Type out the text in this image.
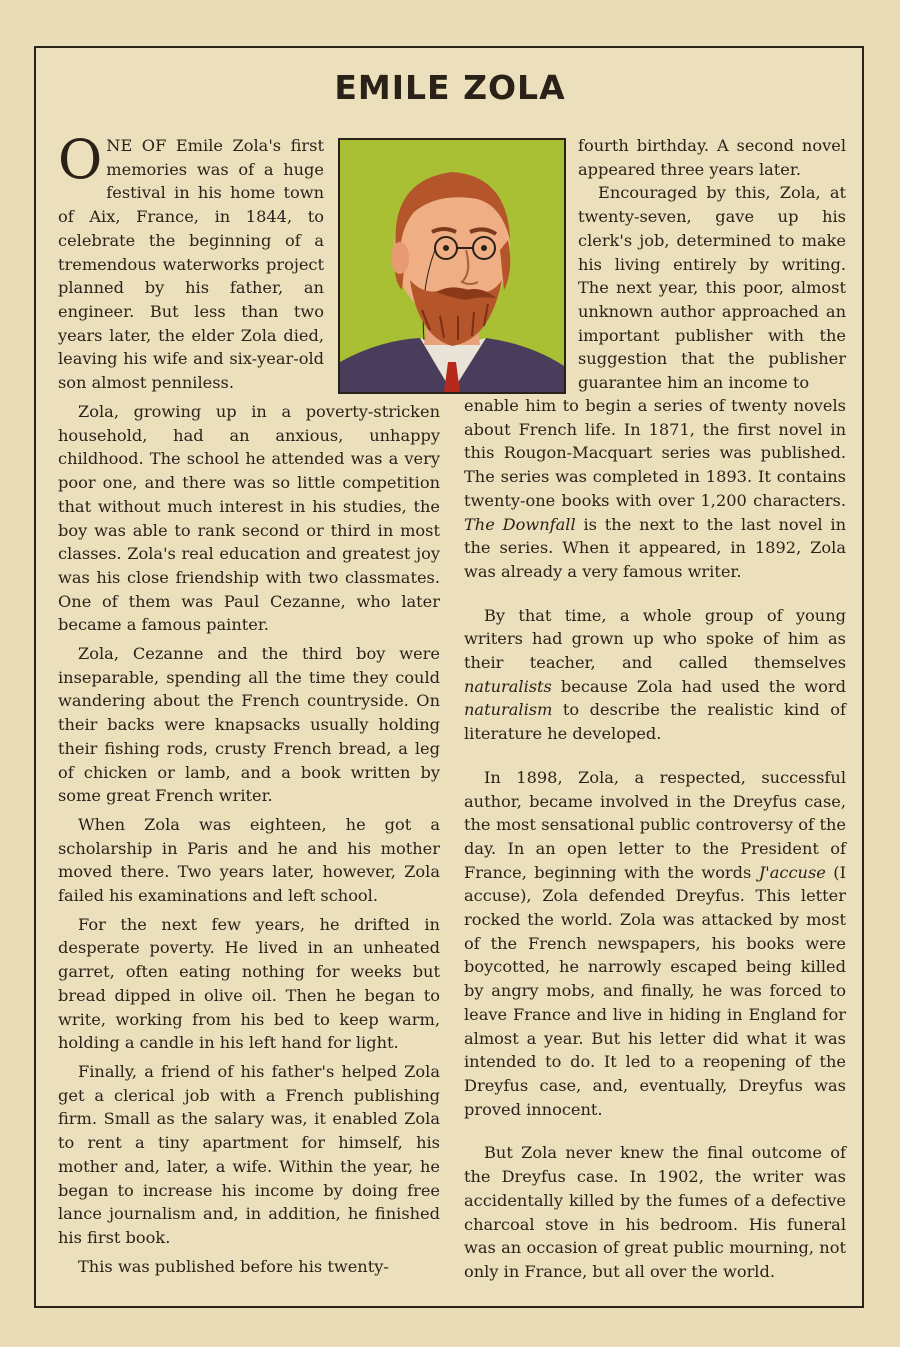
EMILE ZOLA

ONE OF Emile Zola's first memories was of a huge festival in his home town of Aix, France, in 1844, to celebrate the beginning of a tremendous waterworks project planned by his father, an engineer. But less than two years later, the elder Zola died, leaving his wife and six-year-old son almost penniless.

Zola, growing up in a poverty-stricken household, had an anxious, unhappy childhood. The school he attended was a very poor one, and there was so little competition that without much interest in his studies, the boy was able to rank second or third in most classes. Zola's real education and greatest joy was his close friendship with two classmates. One of them was Paul Cezanne, who later became a famous painter.

Zola, Cezanne and the third boy were inseparable, spending all the time they could wandering about the French countryside. On their backs were knapsacks usually holding their fishing rods, crusty French bread, a leg of chicken or lamb, and a book written by some great French writer.

When Zola was eighteen, he got a scholarship in Paris and he and his mother moved there. Two years later, however, Zola failed his examinations and left school.

For the next few years, he drifted in desperate poverty. He lived in an unheated garret, often eating nothing for weeks but bread dipped in olive oil. Then he began to write, working from his bed to keep warm, holding a candle in his left hand for light.

Finally, a friend of his father's helped Zola get a clerical job with a French publishing firm. Small as the salary was, it enabled Zola to rent a tiny apartment for himself, his mother and, later, a wife. Within the year, he began to increase his income by doing free lance journalism and, in addition, he finished his first book.

This was published before his twenty-

fourth birthday. A second novel appeared three years later.

Encouraged by this, Zola, at twenty-seven, gave up his clerk's job, determined to make his living entirely by writing. The next year, this poor, almost unknown author approached an important publisher with the suggestion that the publisher guarantee him an income to

enable him to begin a series of twenty novels about French life. In 1871, the first novel in this Rougon-Macquart series was published. The series was completed in 1893. It contains twenty-one books with over 1,200 characters. The Downfall is the next to the last novel in the series. When it appeared, in 1892, Zola was already a very famous writer.

By that time, a whole group of young writers had grown up who spoke of him as their teacher, and called themselves naturalists because Zola had used the word naturalism to describe the realistic kind of literature he developed.

In 1898, Zola, a respected, successful author, became involved in the Dreyfus case, the most sensational public controversy of the day. In an open letter to the President of France, beginning with the words J'accuse (I accuse), Zola defended Dreyfus. This letter rocked the world. Zola was attacked by most of the French newspapers, his books were boycotted, he narrowly escaped being killed by angry mobs, and finally, he was forced to leave France and live in hiding in England for almost a year. But his letter did what it was intended to do. It led to a reopening of the Dreyfus case, and, eventually, Dreyfus was proved innocent.

But Zola never knew the final outcome of the Dreyfus case. In 1902, the writer was accidentally killed by the fumes of a defective charcoal stove in his bedroom. His funeral was an occasion of great public mourning, not only in France, but all over the world.
